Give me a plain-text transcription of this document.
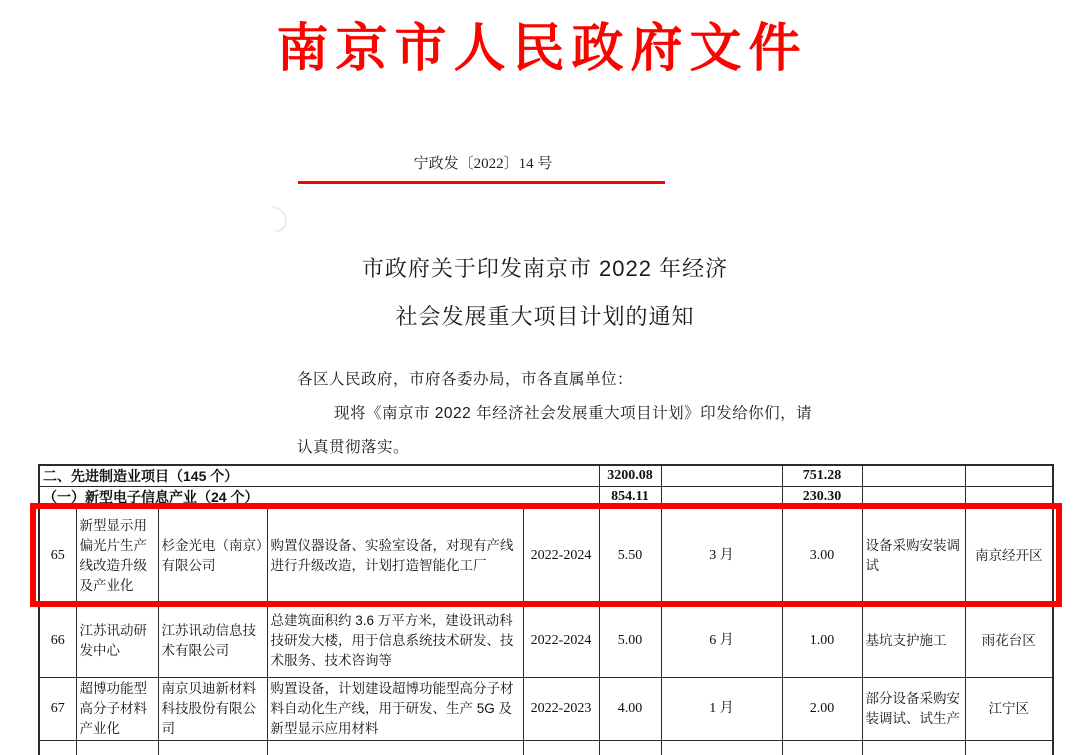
南京市人民政府文件
宁政发〔2022〕14 号
市政府关于印发南京市 2022 年经济
社会发展重大项目计划的通知
各区人民政府，市府各委办局，市各直属单位：
现将《南京市 2022 年经济社会发展重大项目计划》印发给你们，请
认真贯彻落实。
二、先进制造业项目（145 个）					3200.08		751.28		
（一）新型电子信息产业（24 个）					854.11		230.30		
65	新型显示用偏光片生产线改造升级及产业化	杉金光电（南京）有限公司	购置仪器设备、实验室设备，对现有产线进行升级改造，计划打造智能化工厂	2022-2024	5.50	3 月	3.00	设备采购安装调试	南京经开区
66	江苏讯动研发中心	江苏讯动信息技术有限公司	总建筑面积约 3.6 万平方米，建设讯动科技研发大楼，用于信息系统技术研发、技术服务、技术咨询等	2022-2024	5.00	6 月	1.00	基坑支护施工	雨花台区
67	超博功能型高分子材料产业化	南京贝迪新材料科技股份有限公司	购置设备，计划建设超博功能型高分子材料自动化生产线，用于研发、生产 5G 及新型显示应用材料	2022-2023	4.00	1 月	2.00	部分设备采购安装调试、试生产	江宁区
